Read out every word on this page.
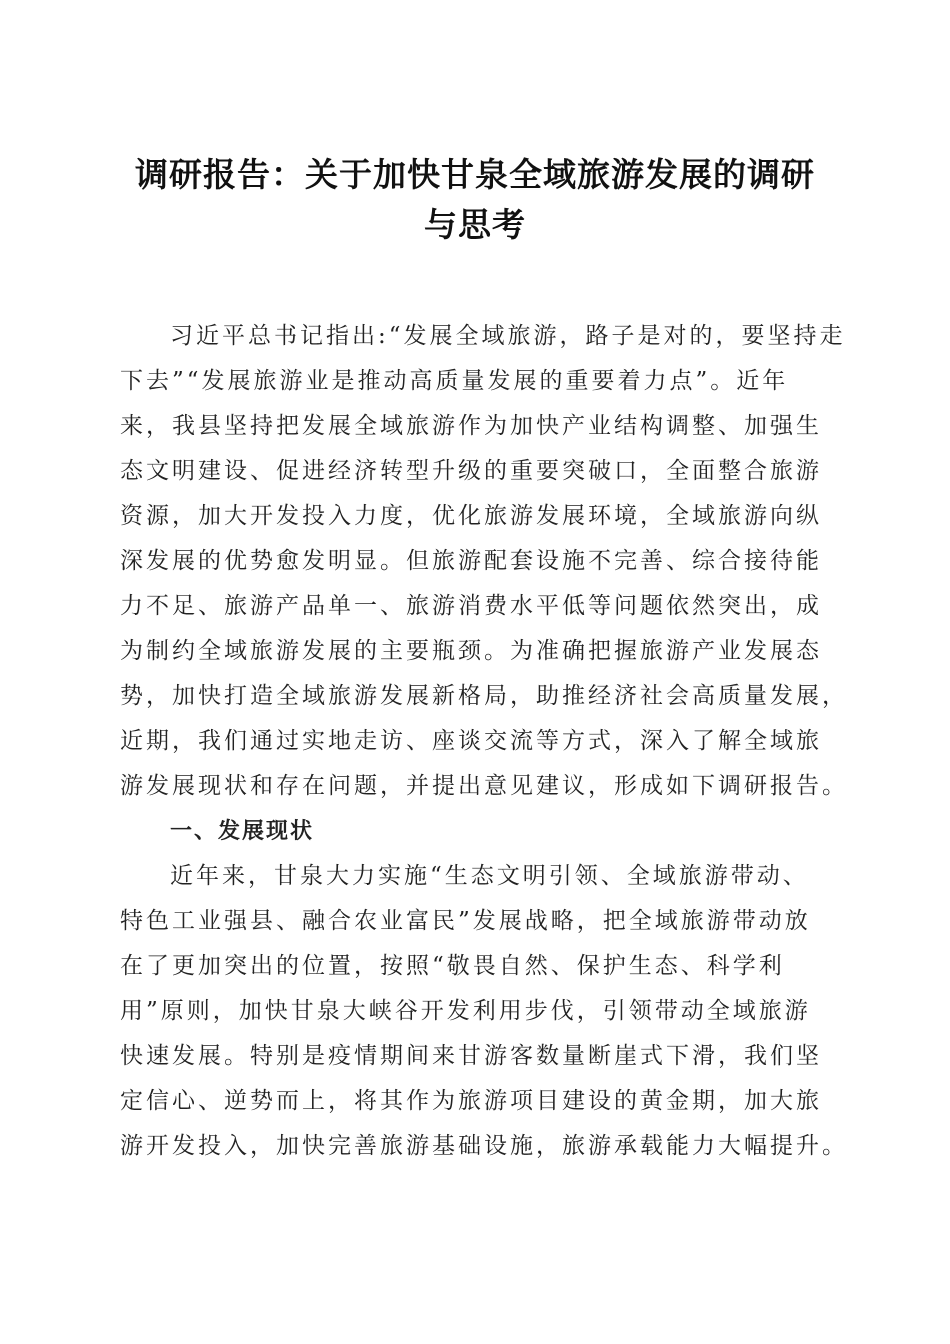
调研报告：关于加快甘泉全域旅游发展的调研
与思考
习近平总书记指出:“发展全域旅游，路子是对的，要坚持走
下去”“发展旅游业是推动高质量发展的重要着力点”。近年
来，我县坚持把发展全域旅游作为加快产业结构调整、加强生
态文明建设、促进经济转型升级的重要突破口，全面整合旅游
资源，加大开发投入力度，优化旅游发展环境，全域旅游向纵
深发展的优势愈发明显。但旅游配套设施不完善、综合接待能
力不足、旅游产品单一、旅游消费水平低等问题依然突出，成
为制约全域旅游发展的主要瓶颈。为准确把握旅游产业发展态
势，加快打造全域旅游发展新格局，助推经济社会高质量发展，
近期，我们通过实地走访、座谈交流等方式，深入了解全域旅
游发展现状和存在问题，并提出意见建议，形成如下调研报告。
一、发展现状
近年来，甘泉大力实施“生态文明引领、全域旅游带动、
特色工业强县、融合农业富民”发展战略，把全域旅游带动放
在了更加突出的位置，按照“敬畏自然、保护生态、科学利
用”原则，加快甘泉大峡谷开发利用步伐，引领带动全域旅游
快速发展。特别是疫情期间来甘游客数量断崖式下滑，我们坚
定信心、逆势而上，将其作为旅游项目建设的黄金期，加大旅
游开发投入，加快完善旅游基础设施，旅游承载能力大幅提升。
